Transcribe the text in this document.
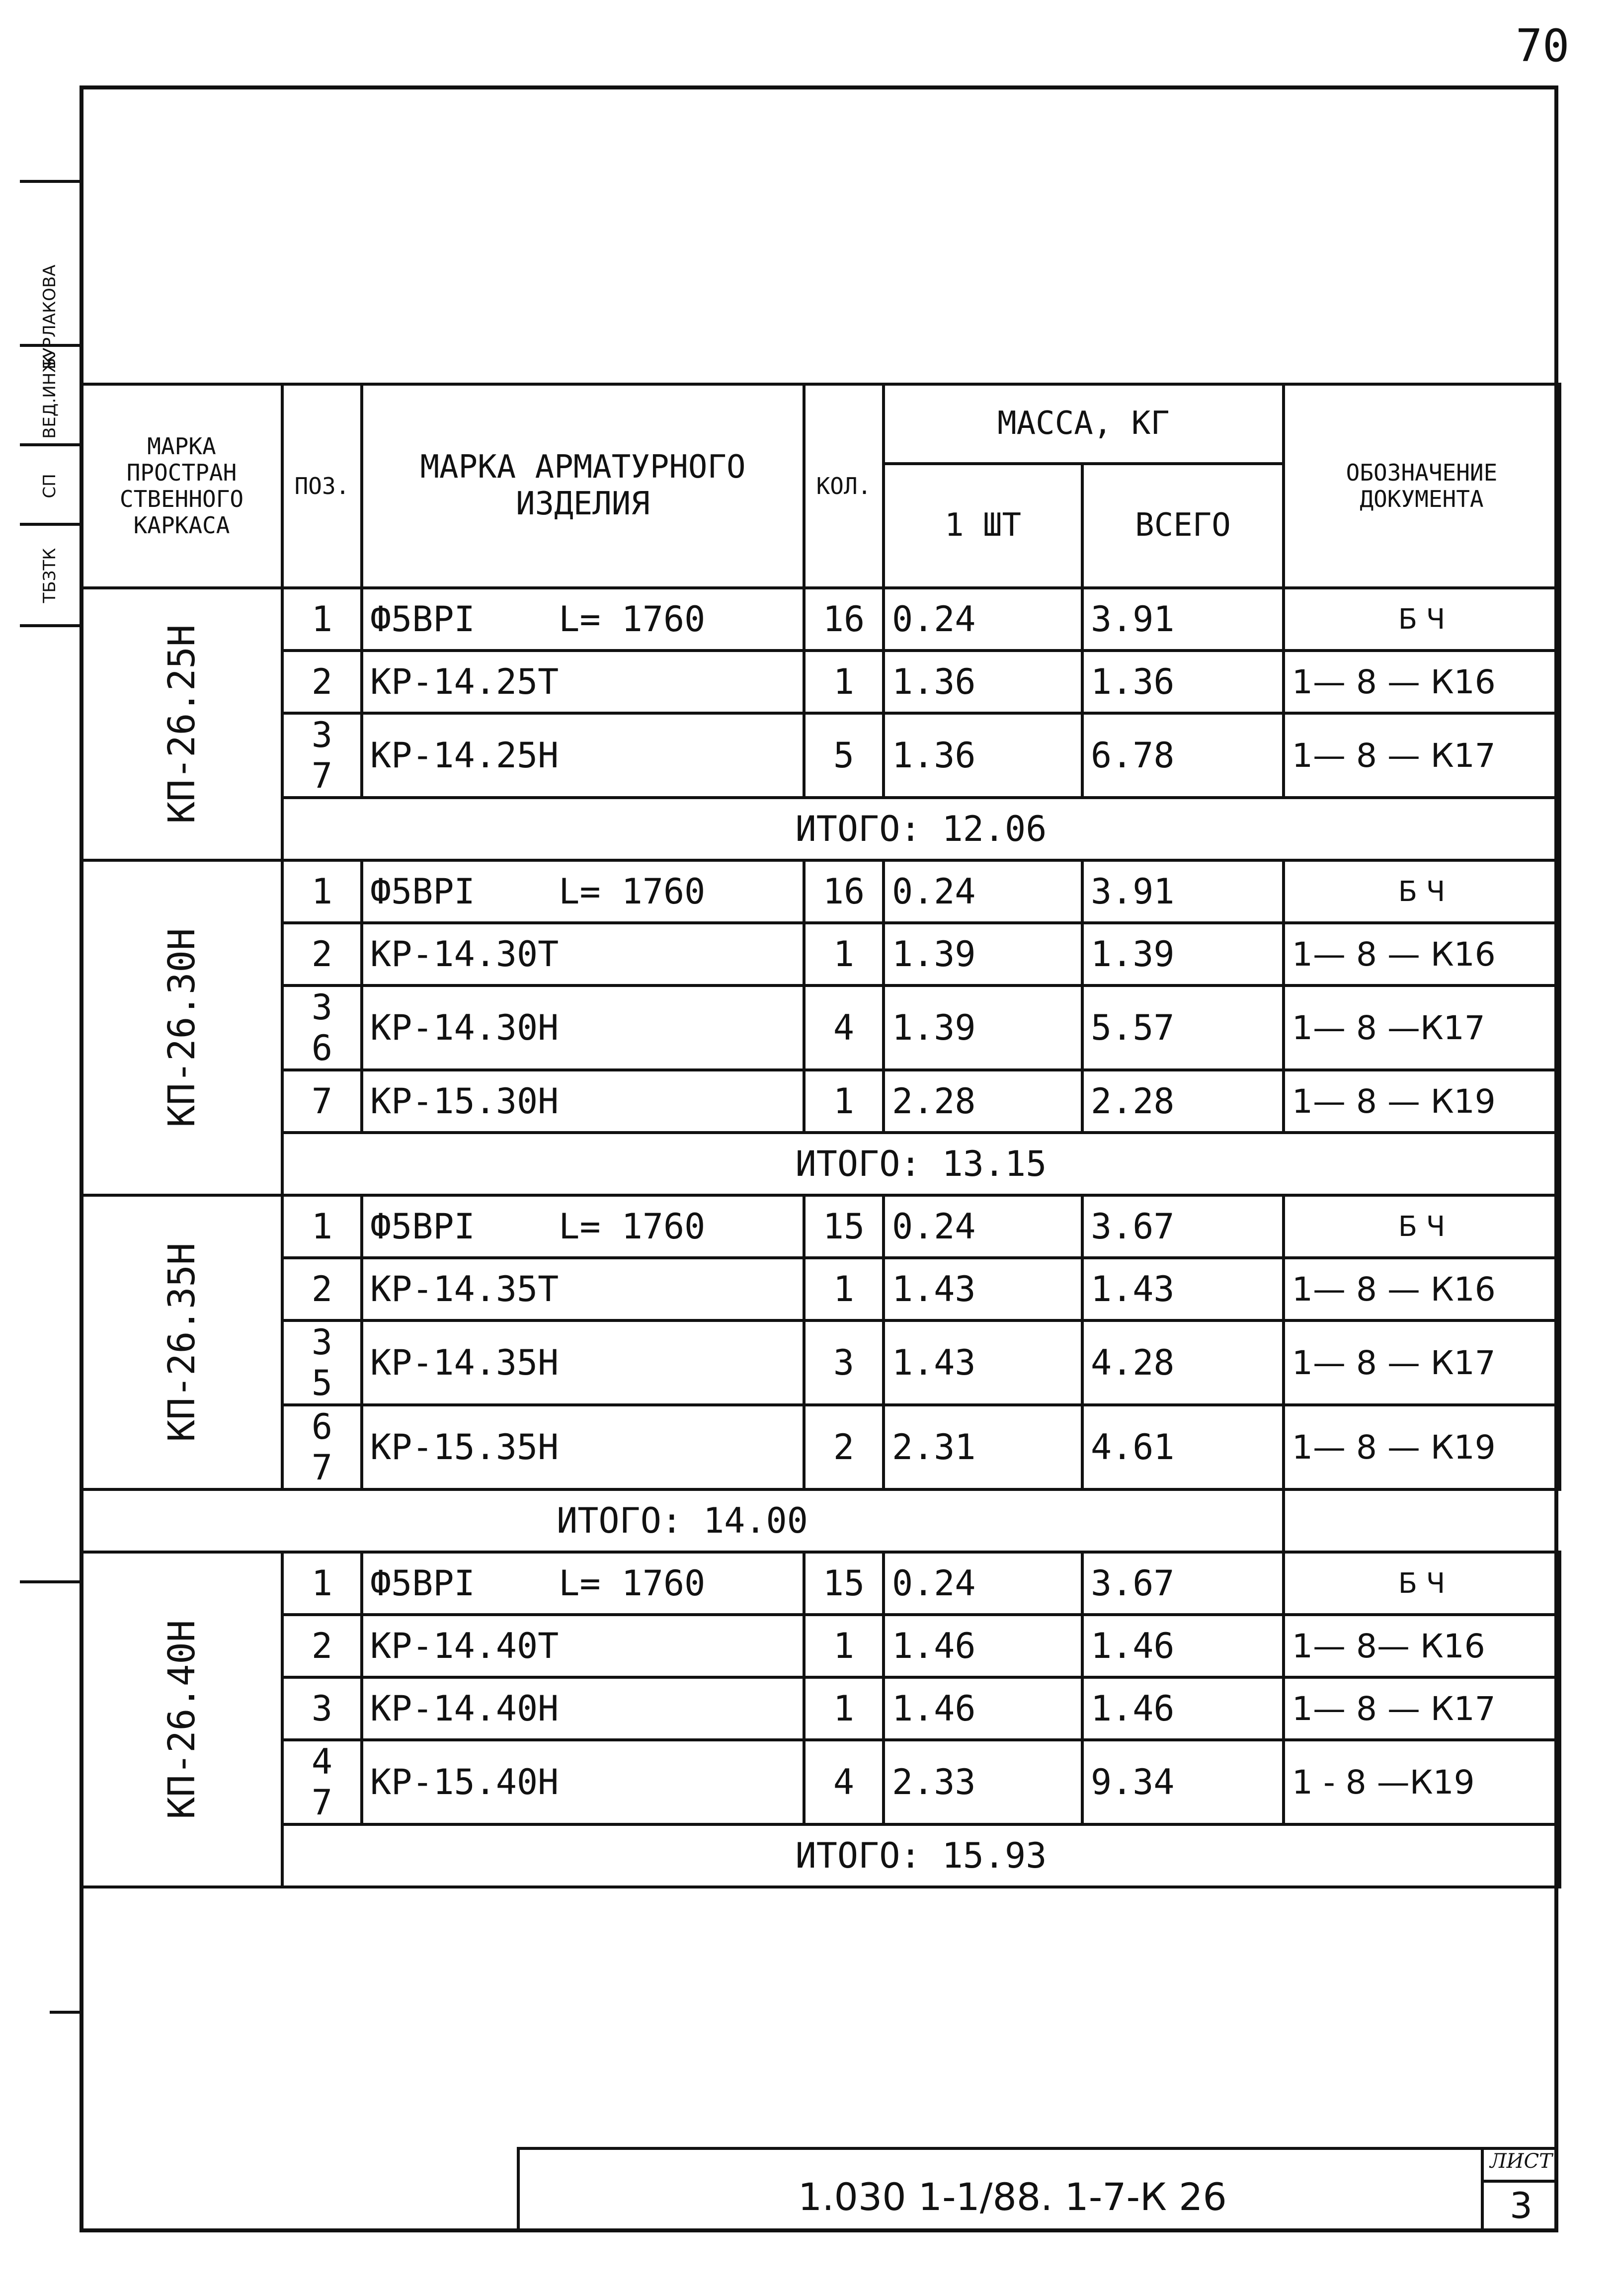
70
БУРЛАКОВА
ВЕД.ИНЖ
СП
ТБЗТК
МАРКА ПРОСТРАН СТВЕННОГО КАРКАСА	ПОЗ.	МАРКА АРМАТУРНОГО ИЗДЕЛИЯ	КОЛ.	МАССА, КГ		ОБОЗНАЧЕНИЕ ДОКУМЕНТА
				1 ШТ	ВСЕГО	

КП-26.25Н	1	Ф5ВРI L= 1760	16	0.24	3.91	Б Ч
	2	КР-14.25Т	1	1.36	1.36	1— 8 — К16
	3 7	КР-14.25Н	5	1.36	6.78	1— 8 — К17
	ИТОГО: 12.06					

КП-26.30Н	1	Ф5ВРI L= 1760	16	0.24	3.91	Б Ч
	2	КР-14.30Т	1	1.39	1.39	1— 8 — К16
	3 6	КР-14.30Н	4	1.39	5.57	1— 8 —К17
	7	КР-15.30Н	1	2.28	2.28	1— 8 — К19
	ИТОГО: 13.15					

КП-26.35Н	1	Ф5ВРI L= 1760	15	0.24	3.67	Б Ч
	2	КР-14.35Т	1	1.43	1.43	1— 8 — К16
	3 5	КР-14.35Н	3	1.43	4.28	1— 8 — К17
	6 7	КР-15.35Н	2	2.31	4.61	1— 8 — К19
ИТОГО: 14.00						

КП-26.40Н	1	Ф5ВРI L= 1760	15	0.24	3.67	Б Ч
	2	КР-14.40Т	1	1.46	1.46	1— 8— К16
	3	КР-14.40Н	1	1.46	1.46	1— 8 — К17
	4 7	КР-15.40Н	4	2.33	9.34	1 - 8 —К19
	ИТОГО: 15.93					
1.030 1-1/88. 1-7-К 26
ЛИСТ
3
